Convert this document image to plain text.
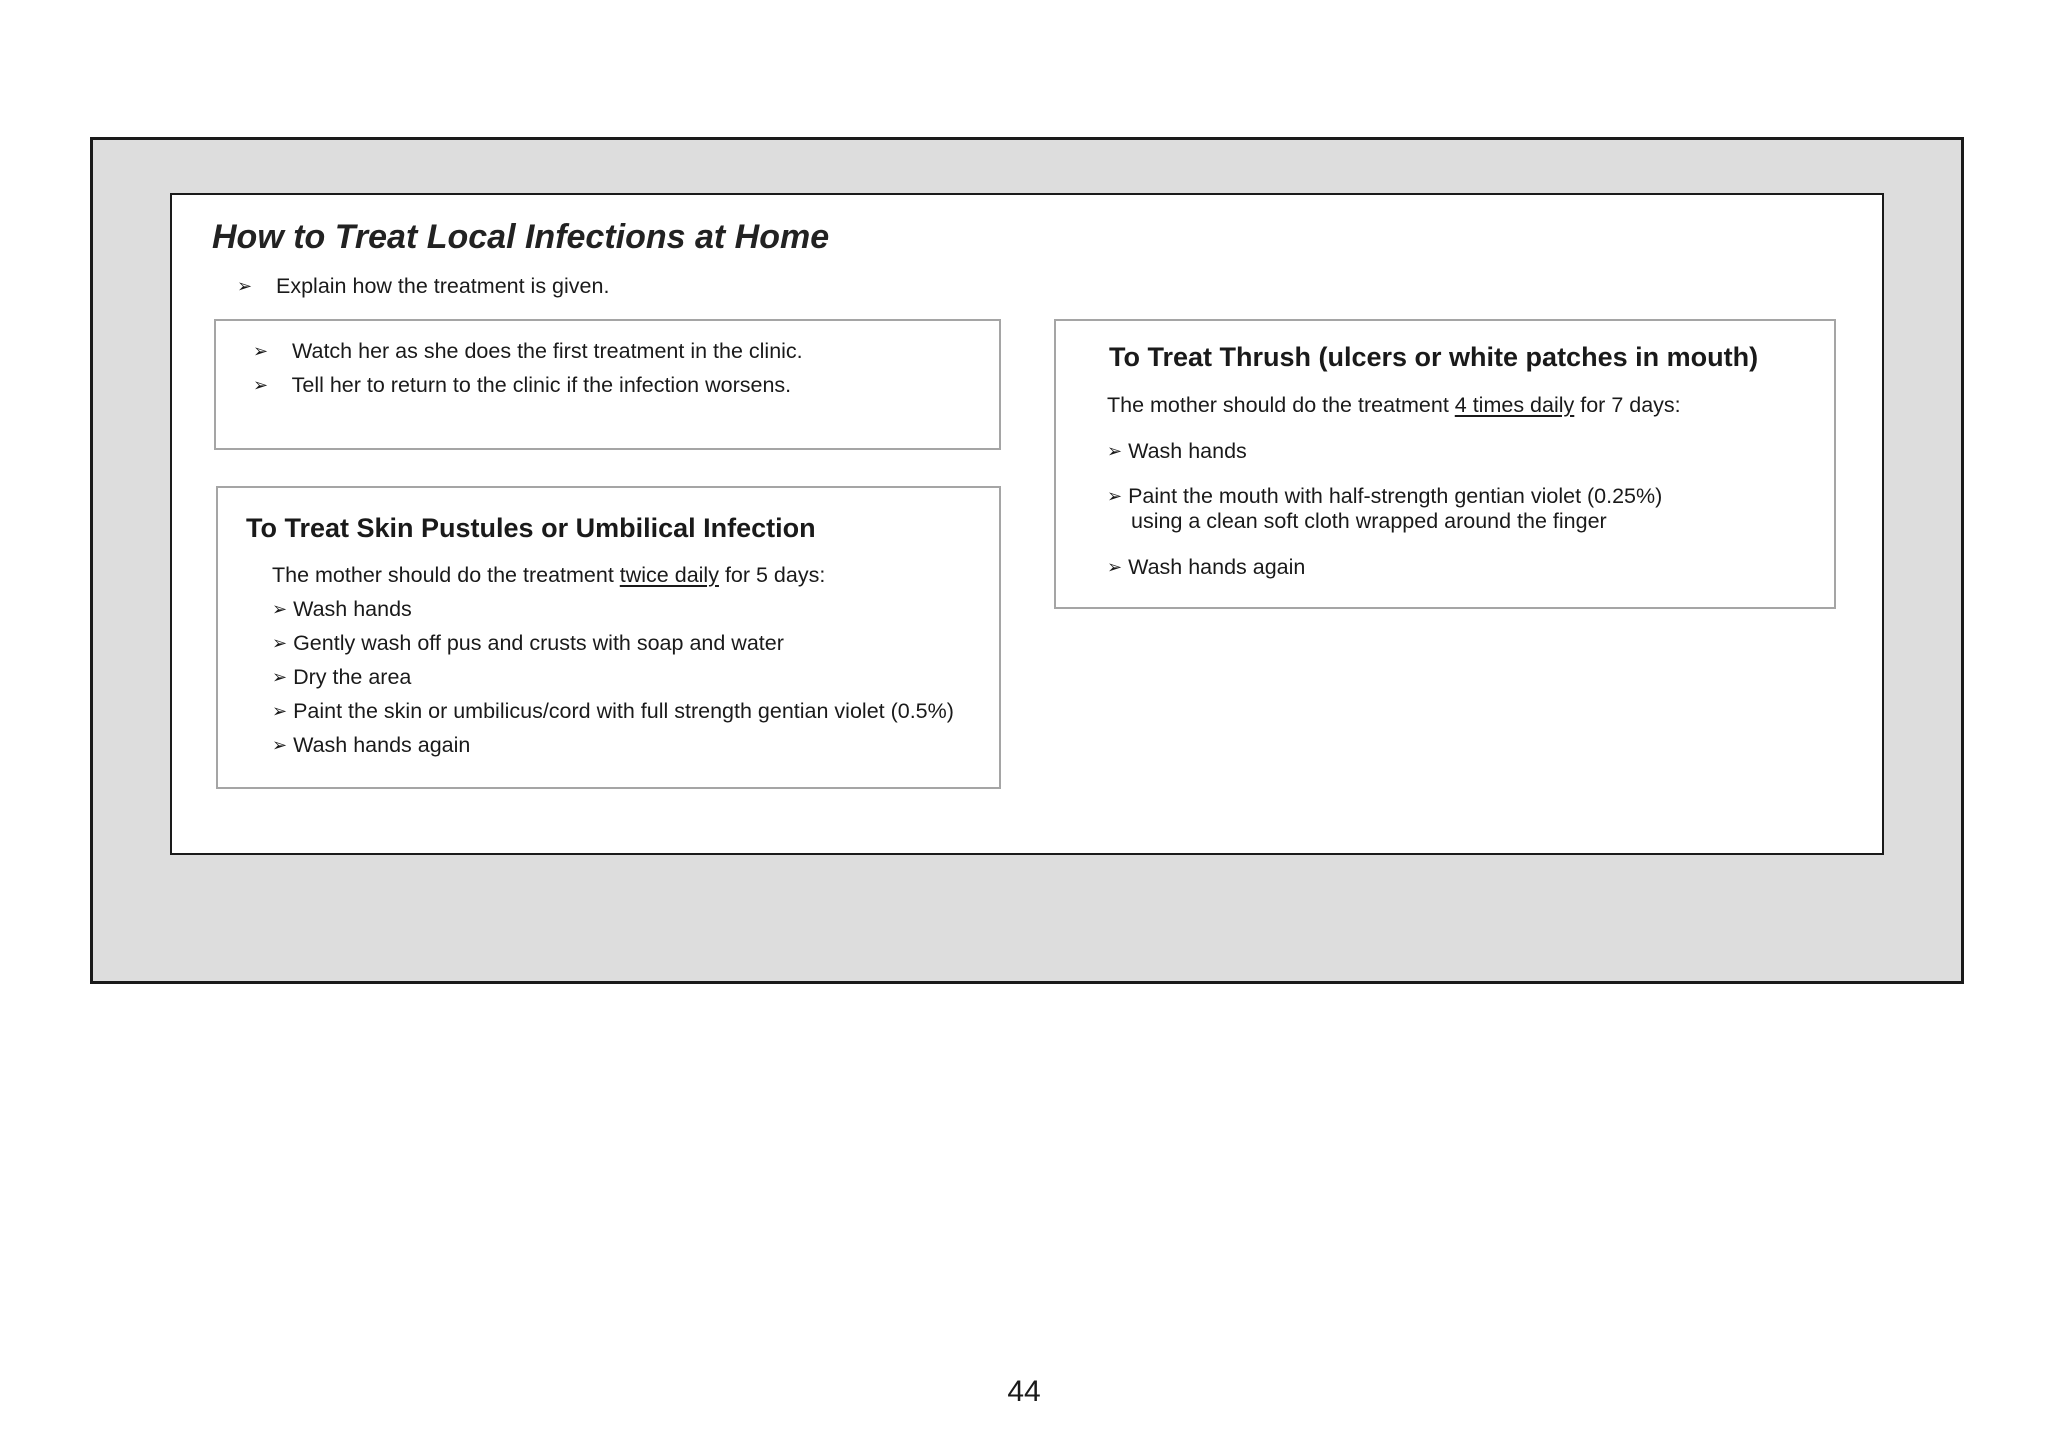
How to Treat Local Infections at Home
➢ Explain how the treatment is given.
➢ Watch her as she does the first treatment in the clinic.
➢ Tell her to return to the clinic if the infection worsens.
To Treat Skin Pustules or Umbilical Infection
The mother should do the treatment twice daily for 5 days:
➢ Wash hands
➢ Gently wash off pus and crusts with soap and water
➢ Dry the area
➢ Paint the skin or umbilicus/cord with full strength gentian violet (0.5%)
➢ Wash hands again
To Treat Thrush (ulcers or white patches in mouth)
The mother should do the treatment 4 times daily for 7 days:
➢ Wash hands
➢ Paint the mouth with half-strength gentian violet (0.25%)
using a clean soft cloth wrapped around the finger
➢ Wash hands again
44
